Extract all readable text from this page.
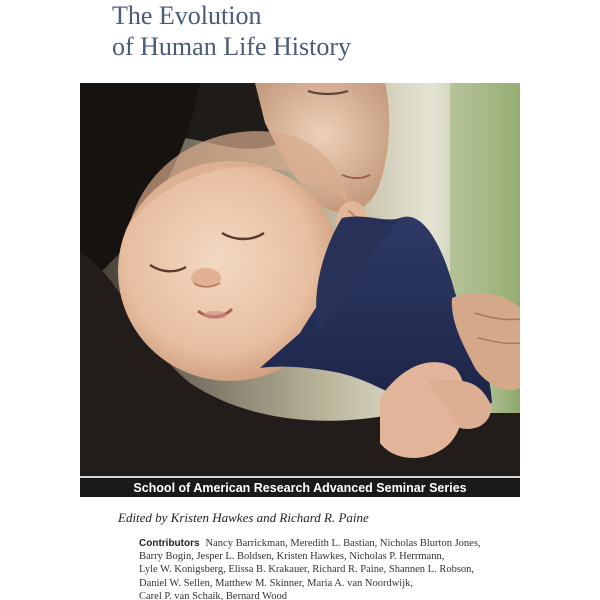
The Evolution
of Human Life History
School of American Research Advanced Seminar Series

Edited by Kristen Hawkes and Richard R. Paine

Contributors Nancy Barrickman, Meredith L. Bastian, Nicholas Blurton Jones,
Barry Bogin, Jesper L. Boldsen, Kristen Hawkes, Nicholas P. Herrmann,
Lyle W. Konigsberg, Elissa B. Krakauer, Richard R. Paine, Shannen L. Robson,
Daniel W. Sellen, Matthew M. Skinner, Maria A. van Noordwijk,
Carel P. van Schaik, Bernard Wood
